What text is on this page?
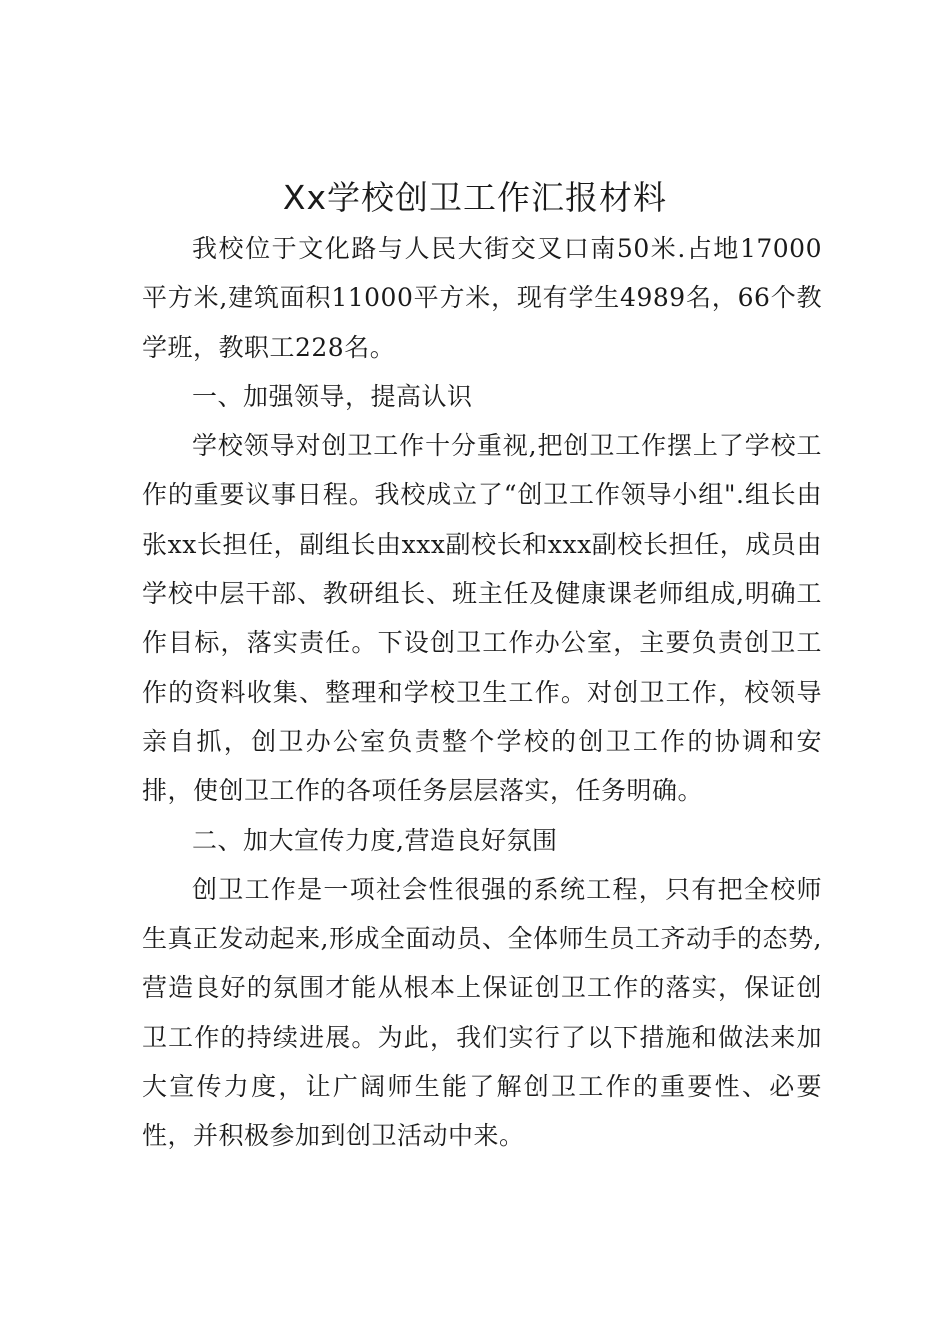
Xx学校创卫工作汇报材料

我校位于文化路与人民大街交叉口南50米.占地17000平方米,建筑面积11000平方米，现有学生4989名，66个教学班，教职工228名。

一、加强领导，提高认识

学校领导对创卫工作十分重视,把创卫工作摆上了学校工作的重要议事日程。我校成立了“创卫工作领导小组".组长由张xx长担任，副组长由xxx副校长和xxx副校长担任，成员由学校中层干部、教研组长、班主任及健康课老师组成,明确工作目标，落实责任。下设创卫工作办公室，主要负责创卫工作的资料收集、整理和学校卫生工作。对创卫工作，校领导亲自抓，创卫办公室负责整个学校的创卫工作的协调和安排，使创卫工作的各项任务层层落实，任务明确。

二、加大宣传力度,营造良好氛围

创卫工作是一项社会性很强的系统工程，只有把全校师生真正发动起来,形成全面动员、全体师生员工齐动手的态势,营造良好的氛围才能从根本上保证创卫工作的落实，保证创卫工作的持续进展。为此，我们实行了以下措施和做法来加大宣传力度，让广阔师生能了解创卫工作的重要性、必要性，并积极参加到创卫活动中来。
